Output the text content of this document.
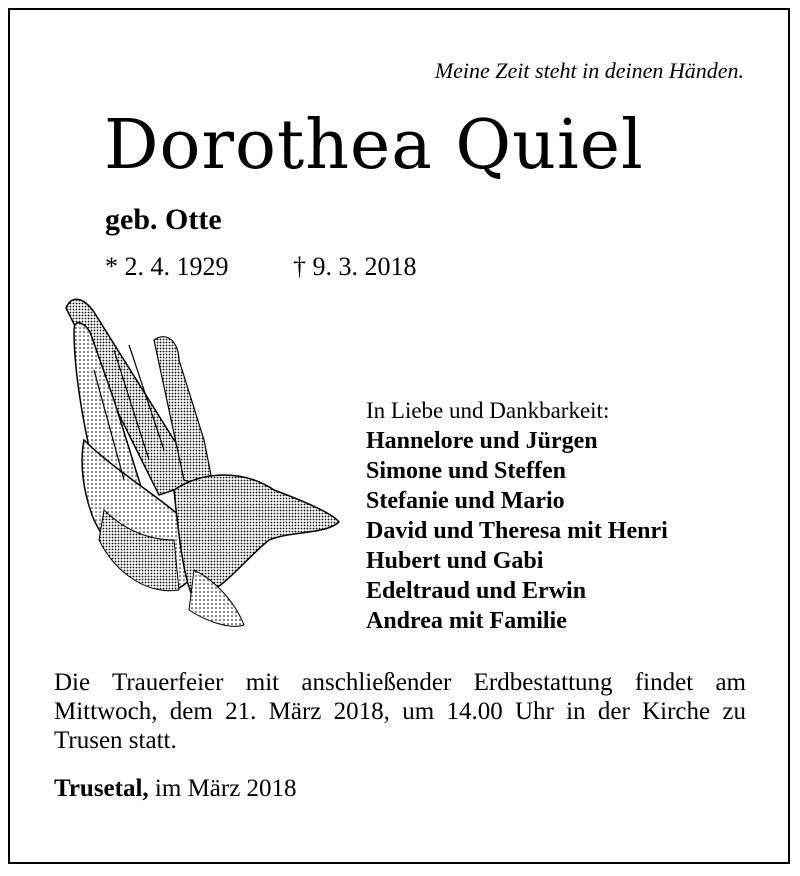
Meine Zeit steht in deinen Händen.
Dorothea Quiel
geb. Otte
* 2. 4. 1929 † 9. 3. 2018
In Liebe und Dankbarkeit:
Hannelore und Jürgen
Simone und Steffen
Stefanie und Mario
David und Theresa mit Henri
Hubert und Gabi
Edeltraud und Erwin
Andrea mit Familie
Die Trauerfeier mit anschließender Erdbestattung findet am Mittwoch, dem 21. März 2018, um 14.00 Uhr in der Kirche zu Trusen statt.
Trusetal, im März 2018
